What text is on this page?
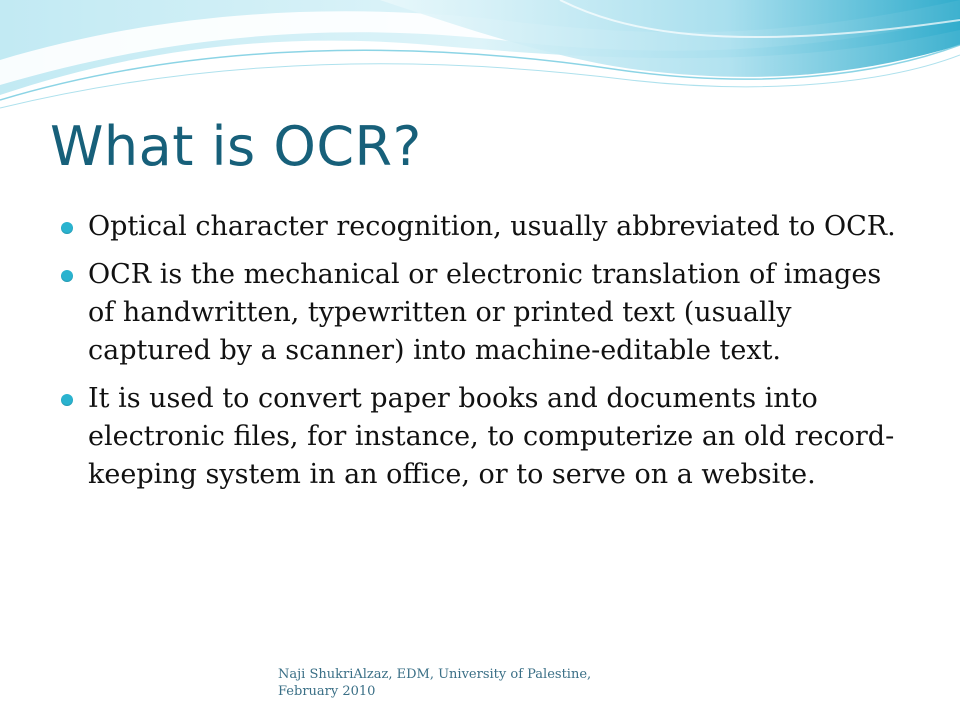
What is OCR?
Optical character recognition, usually abbreviated to OCR.
OCR is the mechanical or electronic translation of images of handwritten, typewritten or printed text (usually captured by a scanner) into machine-editable text.
It is used to convert paper books and documents into electronic files, for instance, to computerize an old record-keeping system in an office, or to serve on a website.
Naji ShukriAlzaz, EDM, University of Palestine, February 2010
